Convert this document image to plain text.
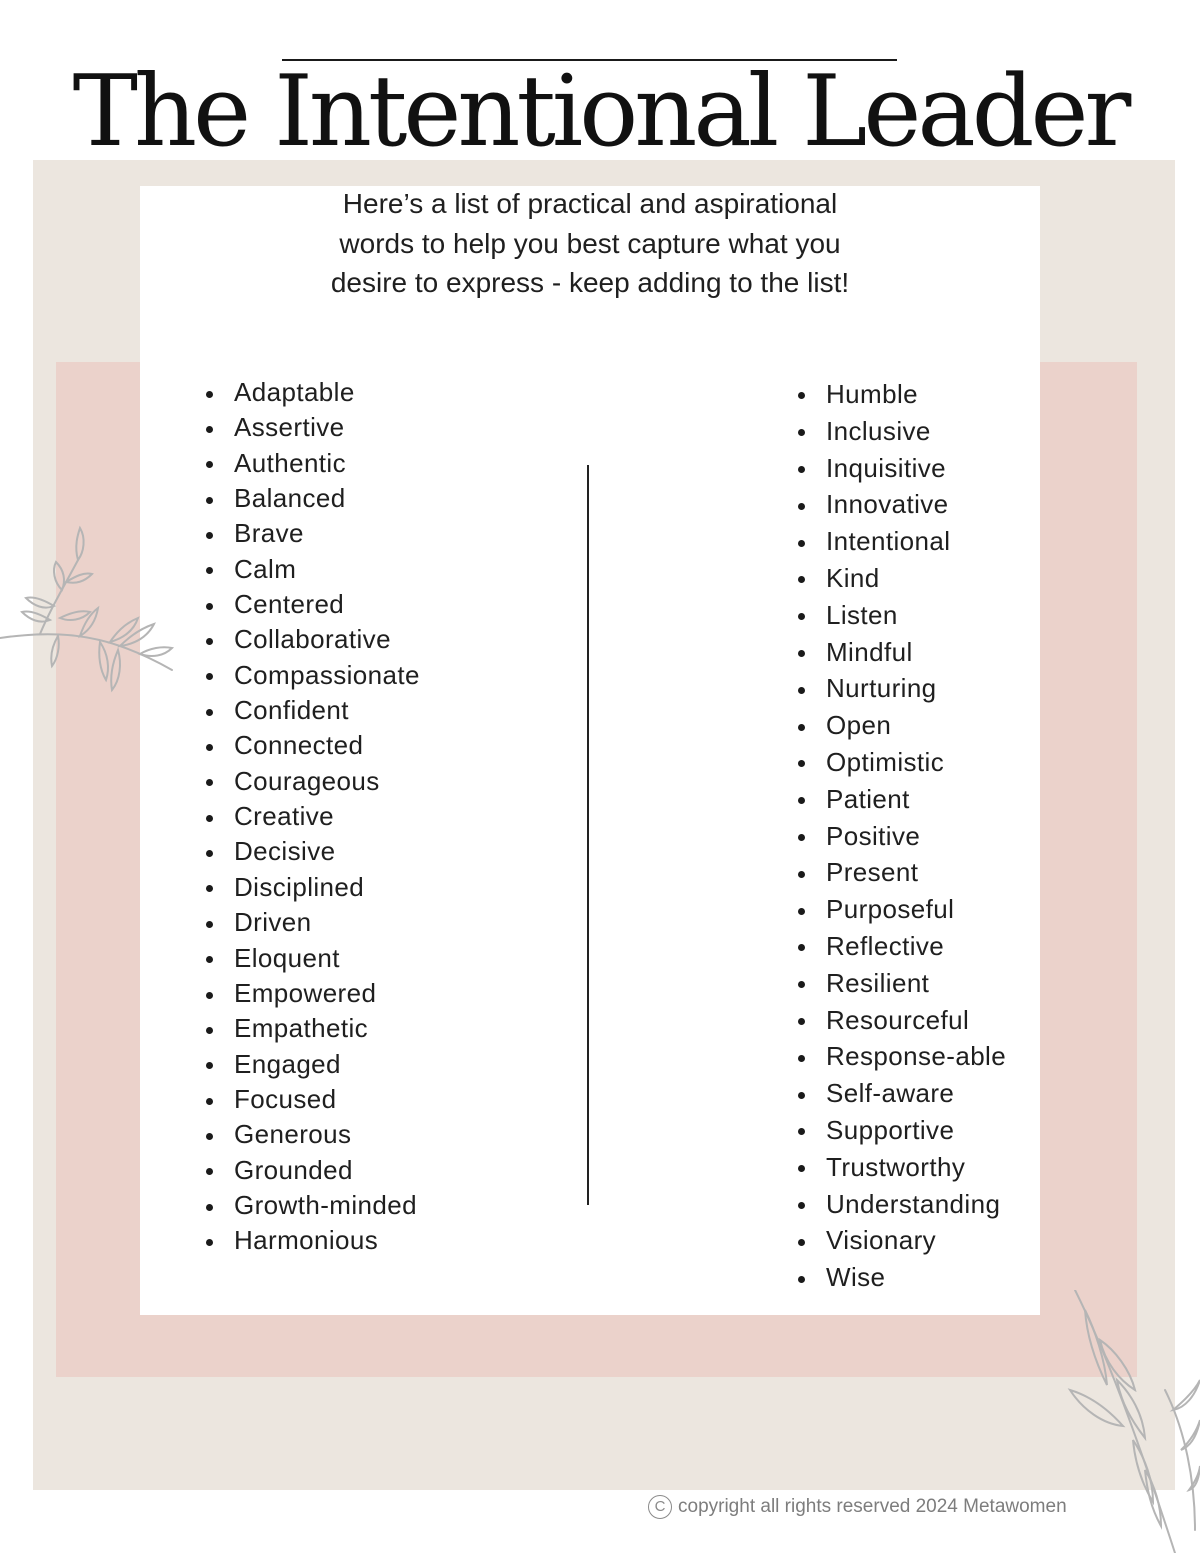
The Intentional Leader
Here’s a list of practical and aspirational
words to help you best capture what you
desire to express - keep adding to the list!
Adaptable
Assertive
Authentic
Balanced
Brave
Calm
Centered
Collaborative
Compassionate
Confident
Connected
Courageous
Creative
Decisive
Disciplined
Driven
Eloquent
Empowered
Empathetic
Engaged
Focused
Generous
Grounded
Growth-minded
Harmonious
Humble
Inclusive
Inquisitive
Innovative
Intentional
Kind
Listen
Mindful
Nurturing
Open
Optimistic
Patient
Positive
Present
Purposeful
Reflective
Resilient
Resourceful
Response-able
Self-aware
Supportive
Trustworthy
Understanding
Visionary
Wise
C copyright all rights reserved 2024 Metawomen
